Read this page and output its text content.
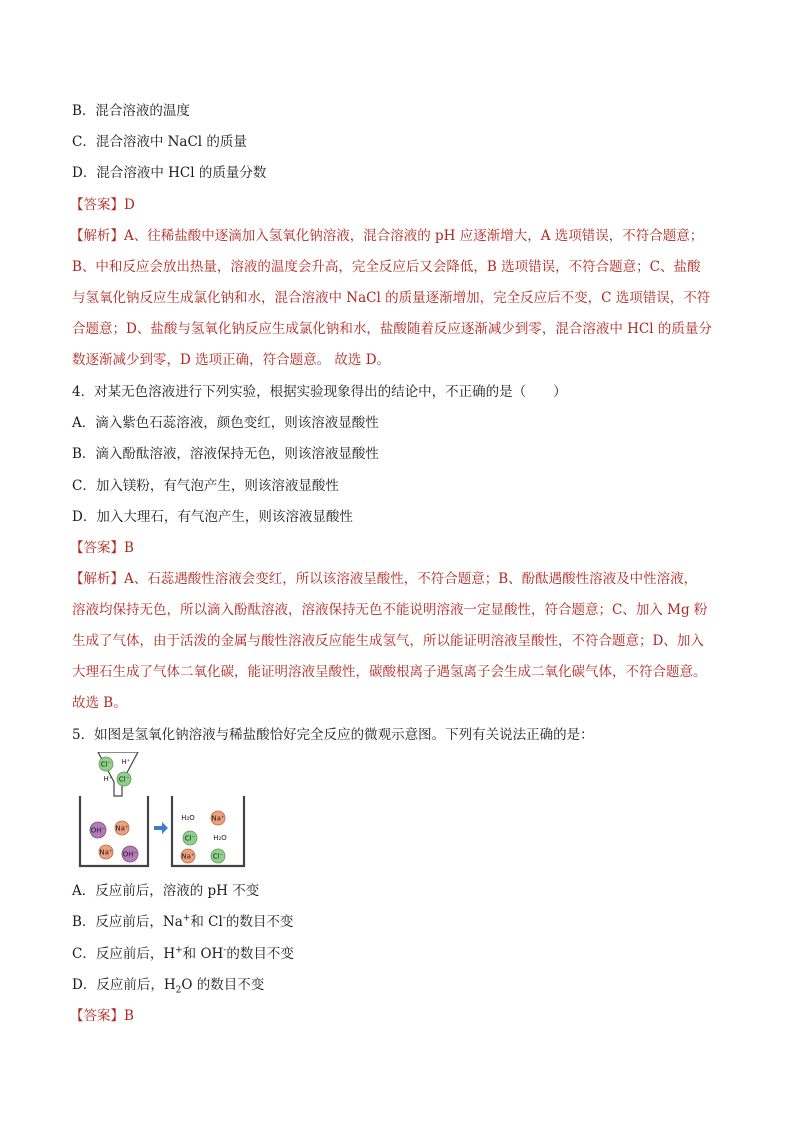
B．混合溶液的温度
C．混合溶液中 NaCl 的质量
D．混合溶液中 HCl 的质量分数
【答案】D
【解析】A、往稀盐酸中逐滴加入氢氧化钠溶液，混合溶液的 pH 应逐渐增大，A 选项错误，不符合题意；
B、中和反应会放出热量，溶液的温度会升高，完全反应后又会降低，B 选项错误，不符合题意；C、盐酸
与氢氧化钠反应生成氯化钠和水，混合溶液中 NaCl 的质量逐渐增加，完全反应后不变，C 选项错误，不符
合题意；D、盐酸与氢氧化钠反应生成氯化钠和水，盐酸随着反应逐渐减少到零，混合溶液中 HCl 的质量分
数逐渐减少到零，D 选项正确，符合题意。 故选 D。
4．对某无色溶液进行下列实验，根据实验现象得出的结论中，不正确的是（　　）
A．滴入紫色石蕊溶液，颜色变红，则该溶液显酸性
B．滴入酚酞溶液，溶液保持无色，则该溶液显酸性
C．加入镁粉，有气泡产生，则该溶液显酸性
D．加入大理石，有气泡产生，则该溶液显酸性
【答案】B
【解析】A、石蕊遇酸性溶液会变红，所以该溶液呈酸性，不符合题意；B、酚酞遇酸性溶液及中性溶液，
溶液均保持无色，所以滴入酚酞溶液，溶液保持无色不能说明溶液一定显酸性，符合题意；C、加入 Mg 粉
生成了气体，由于活泼的金属与酸性溶液反应能生成氢气，所以能证明溶液呈酸性，不符合题意；D、加入
大理石生成了气体二氧化碳，能证明溶液呈酸性，碳酸根离子遇氢离子会生成二氧化碳气体，不符合题意。
故选 B。
5．如图是氢氧化钠溶液与稀盐酸恰好完全反应的微观示意图。下列有关说法正确的是：
Cl⁻ H⁺
H⁺ Cl⁻
OH⁻ Na⁺
Na⁺ OH⁻
H₂O Na⁺
Cl⁻	H₂O
Na⁺	Cl⁻
A．反应前后，溶液的 pH 不变
B．反应前后，Na+和 Cl-的数目不变
C．反应前后，H+和 OH-的数目不变
D．反应前后，$H_2O$ 的数目不变
【答案】B
